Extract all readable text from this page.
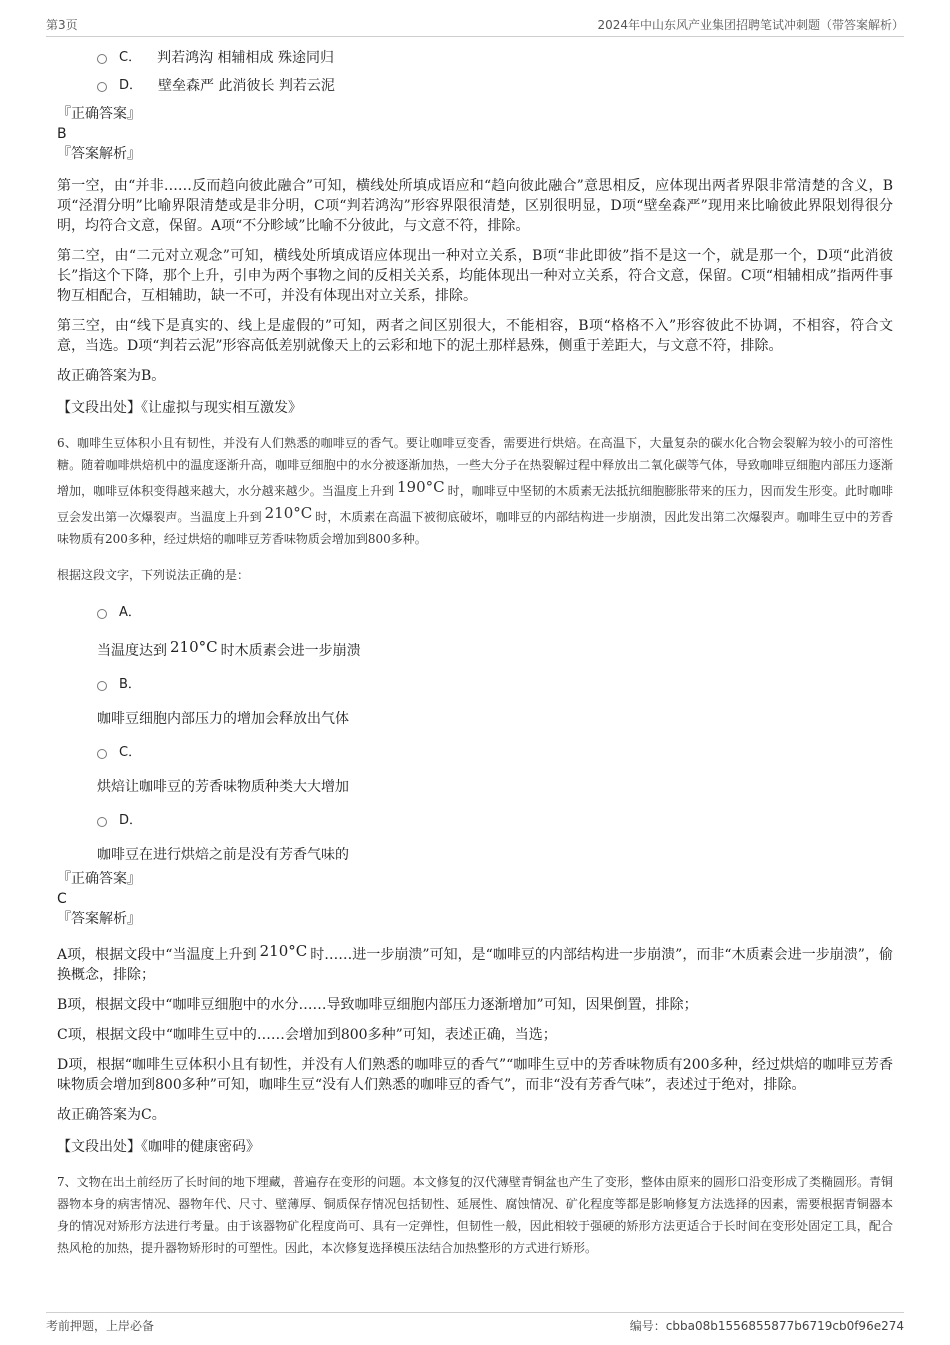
第3页	2024年中山东风产业集团招聘笔试冲刺题（带答案解析）
C． 判若鸿沟 相辅相成 殊途同归
D． 壁垒森严 此消彼长 判若云泥
『正确答案』
B
『答案解析』

第一空，由“并非……反而趋向彼此融合”可知，横线处所填成语应和“趋向彼此融合”意思相反，应体现出两者界限非常清楚的含义，B项“泾渭分明”比喻界限清楚或是非分明，C项“判若鸿沟”形容界限很清楚，区别很明显，D项“壁垒森严”现用来比喻彼此界限划得很分明，均符合文意，保留。A项“不分畛域”比喻不分彼此，与文意不符，排除。

第二空，由“二元对立观念”可知，横线处所填成语应体现出一种对立关系，B项“非此即彼”指不是这一个，就是那一个，D项“此消彼长”指这个下降，那个上升，引申为两个事物之间的反相关关系，均能体现出一种对立关系，符合文意，保留。C项“相辅相成”指两件事物互相配合，互相辅助，缺一不可，并没有体现出对立关系，排除。

第三空，由“线下是真实的、线上是虚假的”可知，两者之间区别很大，不能相容，B项“格格不入”形容彼此不协调，不相容，符合文意，当选。D项“判若云泥”形容高低差别就像天上的云彩和地下的泥土那样悬殊，侧重于差距大，与文意不符，排除。

故正确答案为B。

【文段出处】《让虚拟与现实相互激发》
6、咖啡生豆体积小且有韧性，并没有人们熟悉的咖啡豆的香气。要让咖啡豆变香，需要进行烘焙。在高温下，大量复杂的碳水化合物会裂解为较小的可溶性糖。随着咖啡烘焙机中的温度逐渐升高，咖啡豆细胞中的水分被逐渐加热，一些大分子在热裂解过程中释放出二氧化碳等气体，导致咖啡豆细胞内部压力逐渐增加，咖啡豆体积变得越来越大，水分越来越少。当温度上升到 190°C 时，咖啡豆中坚韧的木质素无法抵抗细胞膨胀带来的压力，因而发生形变。此时咖啡豆会发出第一次爆裂声。当温度上升到 210°C 时，木质素在高温下被彻底破坏，咖啡豆的内部结构进一步崩溃，因此发出第二次爆裂声。咖啡生豆中的芳香味物质有200多种，经过烘焙的咖啡豆芳香味物质会增加到800多种。
根据这段文字，下列说法正确的是：
A．
当温度达到 210°C 时木质素会进一步崩溃
B．
咖啡豆细胞内部压力的增加会释放出气体
C．
烘焙让咖啡豆的芳香味物质种类大大增加
D．
咖啡豆在进行烘焙之前是没有芳香气味的
『正确答案』
C
『答案解析』

A项，根据文段中“当温度上升到 210°C 时……进一步崩溃”可知，是“咖啡豆的内部结构进一步崩溃”，而非“木质素会进一步崩溃”，偷换概念，排除；

B项，根据文段中“咖啡豆细胞中的水分……导致咖啡豆细胞内部压力逐渐增加”可知，因果倒置，排除；

C项，根据文段中“咖啡生豆中的……会增加到800多种”可知，表述正确，当选；

D项，根据“咖啡生豆体积小且有韧性，并没有人们熟悉的咖啡豆的香气”“咖啡生豆中的芳香味物质有200多种，经过烘焙的咖啡豆芳香味物质会增加到800多种”可知，咖啡生豆“没有人们熟悉的咖啡豆的香气”，而非“没有芳香气味”，表述过于绝对，排除。

故正确答案为C。

【文段出处】《咖啡的健康密码》
7、文物在出土前经历了长时间的地下埋藏，普遍存在变形的问题。本文修复的汉代薄壁青铜盆也产生了变形，整体由原来的圆形口沿变形成了类椭圆形。青铜器物本身的病害情况、器物年代、尺寸、壁薄厚、铜质保存情况包括韧性、延展性、腐蚀情况、矿化程度等都是影响修复方法选择的因素，需要根据青铜器本身的情况对矫形方法进行考量。由于该器物矿化程度尚可、具有一定弹性，但韧性一般，因此相较于强硬的矫形方法更适合于长时间在变形处固定工具，配合热风枪的加热，提升器物矫形时的可塑性。因此，本次修复选择模压法结合加热整形的方式进行矫形。
考前押题，上岸必备	编号：cbba08b1556855877b6719cb0f96e274
